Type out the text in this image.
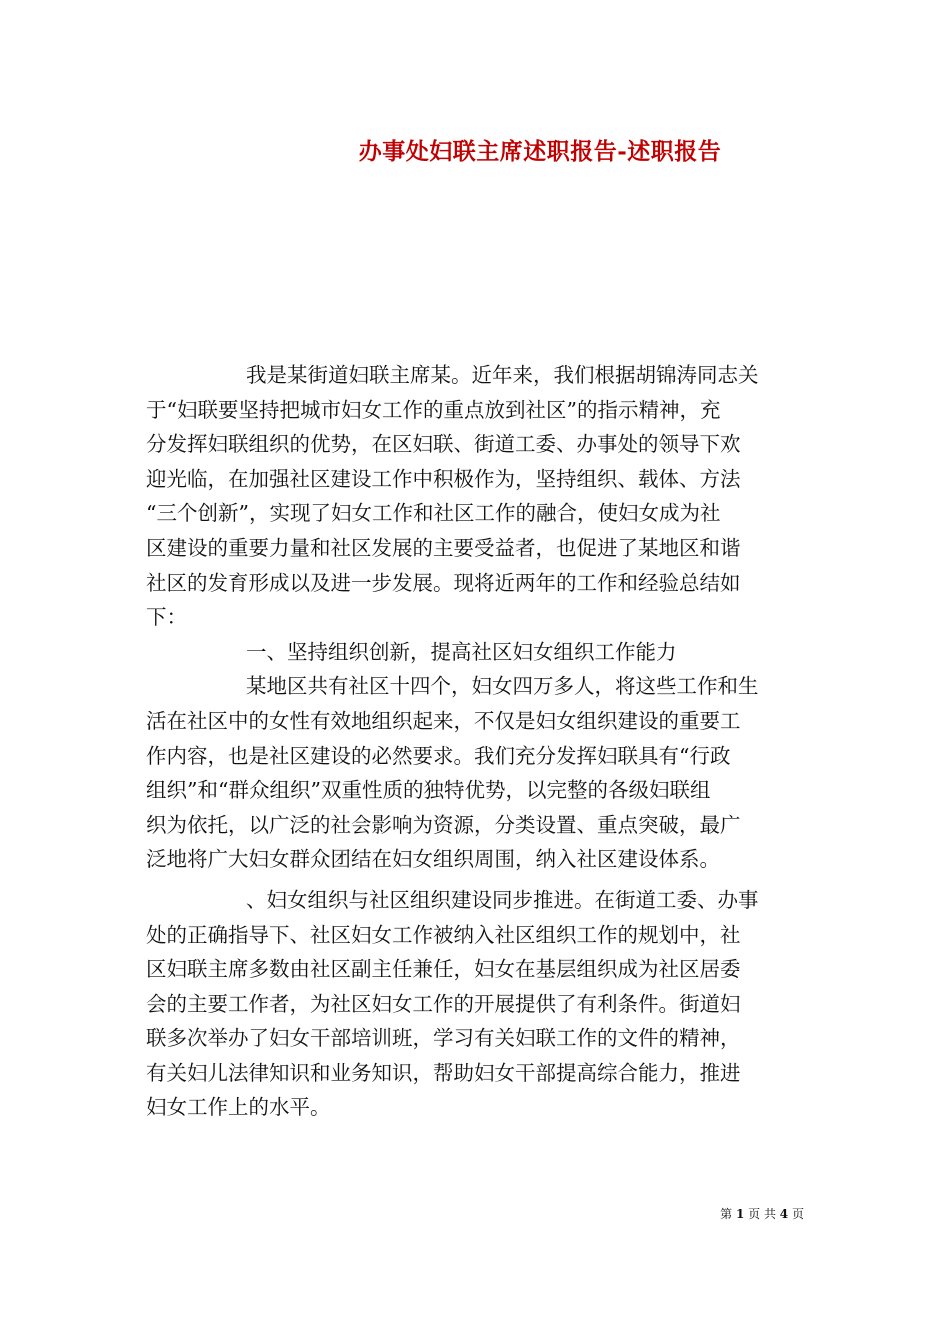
办事处妇联主席述职报告-述职报告
我是某街道妇联主席某。近年来，我们根据胡锦涛同志关
于“妇联要坚持把城市妇女工作的重点放到社区”的指示精神，充
分发挥妇联组织的优势，在区妇联、街道工委、办事处的领导下欢
迎光临，在加强社区建设工作中积极作为，坚持组织、载体、方法
“三个创新”，实现了妇女工作和社区工作的融合，使妇女成为社
区建设的重要力量和社区发展的主要受益者，也促进了某地区和谐
社区的发育形成以及进一步发展。现将近两年的工作和经验总结如
下：
一、坚持组织创新，提高社区妇女组织工作能力
某地区共有社区十四个，妇女四万多人，将这些工作和生
活在社区中的女性有效地组织起来，不仅是妇女组织建设的重要工
作内容，也是社区建设的必然要求。我们充分发挥妇联具有“行政
组织”和“群众组织”双重性质的独特优势，以完整的各级妇联组
织为依托，以广泛的社会影响为资源，分类设置、重点突破，最广
泛地将广大妇女群众团结在妇女组织周围，纳入社区建设体系。
、妇女组织与社区组织建设同步推进。在街道工委、办事
处的正确指导下、社区妇女工作被纳入社区组织工作的规划中，社
区妇联主席多数由社区副主任兼任，妇女在基层组织成为社区居委
会的主要工作者，为社区妇女工作的开展提供了有利条件。街道妇
联多次举办了妇女干部培训班，学习有关妇联工作的文件的精神，
有关妇儿法律知识和业务知识，帮助妇女干部提高综合能力，推进
妇女工作上的水平。
第 1 页 共 4 页
